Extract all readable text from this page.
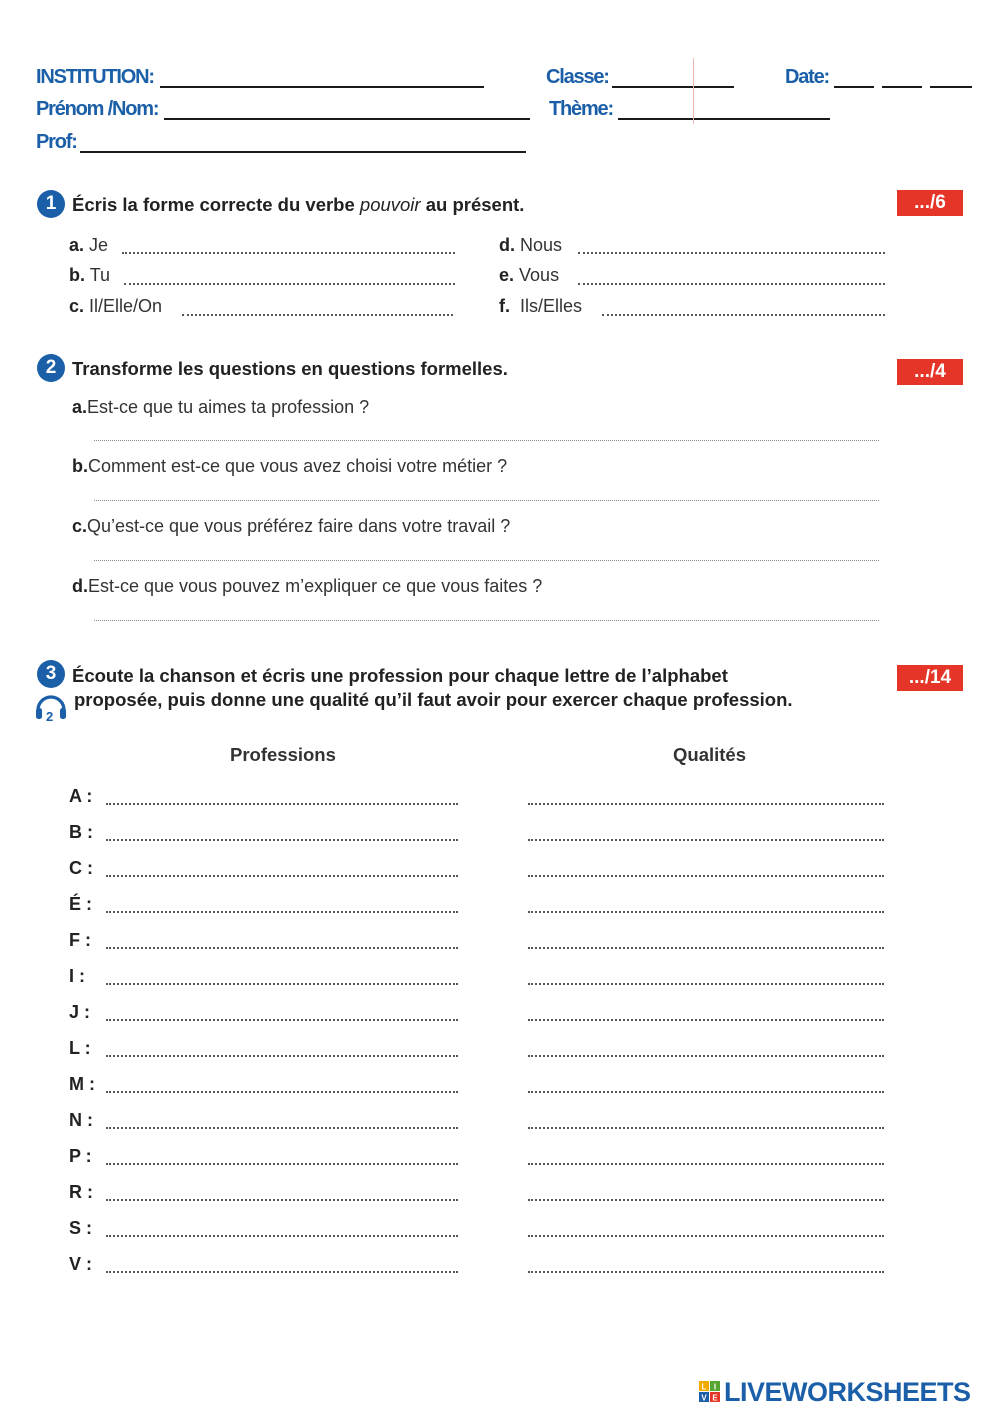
INSTITUTION:	Classe:	Date:
Prénom /Nom:	Thème:
Prof:
1 Écris la forme correcte du verbe pouvoir au présent.	.../6
a. Je
b. Tu
c. Il/Elle/On
d. Nous
e. Vous
f. Ils/Elles
2 Transforme les questions en questions formelles.	.../4
a.Est-ce que tu aimes ta profession ?
b.Comment est-ce que vous avez choisi votre métier ?
c.Qu’est-ce que vous préférez faire dans votre travail ?
d.Est-ce que vous pouvez m’expliquer ce que vous faites ?
3 Écoute la chanson et écris une profession pour chaque lettre de l’alphabet
proposée, puis donne une qualité qu’il faut avoir pour exercer chaque profession.
.../14
2
Professions	Qualités
A :
B :
C :
É :
F :
I :
J :
L :
M :
N :
P :
R :
S :
V :
L I
V E LIVEWORKSHEETS
